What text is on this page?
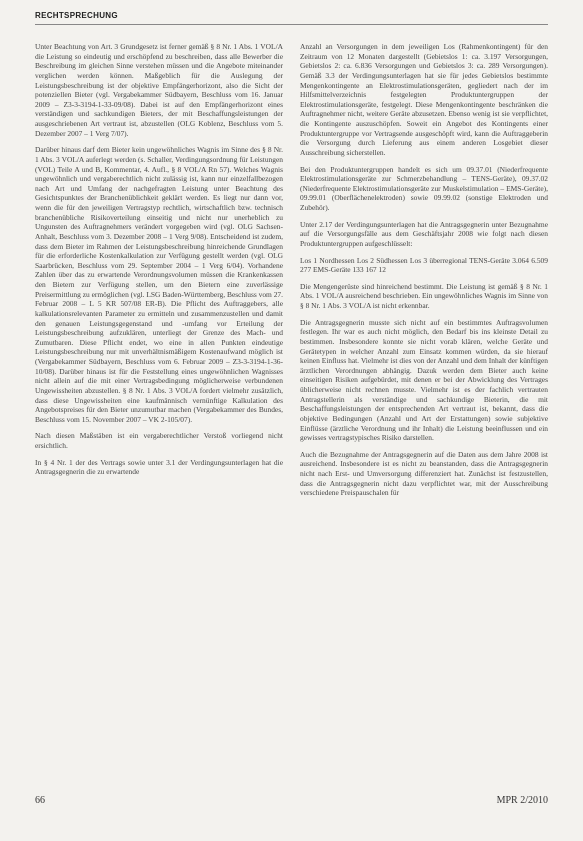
RECHTSPRECHUNG

Unter Beachtung von Art. 3 Grundgesetz ist ferner gemäß § 8 Nr. 1 Abs. 1 VOL/A die Leistung so eindeutig und erschöpfend zu beschreiben, dass alle Bewerber die Beschreibung im gleichen Sinne verstehen müssen und die Angebote miteinander verglichen werden können. Maßgeblich für die Auslegung der Leistungsbeschreibung ist der objektive Empfängerhorizont, also die Sicht der potenziellen Bieter (vgl. Vergabekammer Südbayern, Beschluss vom 16. Januar 2009 – Z3-3-3194-1-33-09/08). Dabei ist auf den Empfängerhorizont eines verständigen und sachkundigen Bieters, der mit Beschaffungsleistungen der ausgeschriebenen Art vertraut ist, abzustellen (OLG Koblenz, Beschluss vom 5. Dezember 2007 – 1 Verg 7/07).

Darüber hinaus darf dem Bieter kein ungewöhnliches Wagnis im Sinne des § 8 Nr. 1 Abs. 3 VOL/A auferlegt werden (s. Schaller, Verdingungsordnung für Leistungen (VOL) Teile A und B, Kommentar, 4. Aufl., § 8 VOL/A Rn 57). Welches Wagnis ungewöhnlich und vergaberechtlich nicht zulässig ist, kann nur einzelfallbezogen nach Art und Umfang der nachgefragten Leistung unter Beachtung des Gesichtspunktes der Branchenüblichkeit geklärt werden. Es liegt nur dann vor, wenn die für den jeweiligen Vertragstyp rechtlich, wirtschaftlich bzw. technisch branchenübliche Risikoverteilung einseitig und nicht nur unerheblich zu Ungunsten des Auftragnehmers verändert vorgegeben wird (vgl. OLG Sachsen-Anhalt, Beschluss vom 3. Dezember 2008 – 1 Verg 9/08). Entscheidend ist zudem, dass dem Bieter im Rahmen der Leistungsbeschreibung hinreichende Grundlagen für die erforderliche Kostenkalkulation zur Verfügung gestellt werden (vgl. OLG Saarbrücken, Beschluss vom 29. September 2004 – 1 Verg 6/04). Vorhandene Zahlen über das zu erwartende Verordnungsvolumen müssen die Krankenkassen den Bietern zur Verfügung stellen, um den Bietern eine zuverlässige Preisermittlung zu ermöglichen (vgl. LSG Baden-Württemberg, Beschluss vom 27. Februar 2008 – L 5 KR 507/08 ER-B). Die Pflicht des Auftraggebers, alle kalkulationsrelevanten Parameter zu ermitteln und zusammenzustellen und damit den genauen Leistungsgegenstand und -umfang vor Erteilung der Leistungsbeschreibung aufzuklären, unterliegt der Grenze des Mach- und Zumutbaren. Diese Pflicht endet, wo eine in allen Punkten eindeutige Leistungsbeschreibung nur mit unverhältnismäßigem Kostenaufwand möglich ist (Vergabekammer Südbayern, Beschluss vom 6. Februar 2009 – Z3-3-3194-1-36-10/08). Darüber hinaus ist für die Feststellung eines ungewöhnlichen Wagnisses nicht allein auf die mit einer Vertragsbedingung möglicherweise verbundenen Ungewissheiten abzustellen. § 8 Nr. 1 Abs. 3 VOL/A fordert vielmehr zusätzlich, dass diese Ungewissheiten eine kaufmännisch vernünftige Kalkulation des Angebotspreises für den Bieter unzumutbar machen (Vergabekammer des Bundes, Beschluss vom 15. November 2007 – VK 2-105/07).

Nach diesen Maßstäben ist ein vergaberechtlicher Verstoß vorliegend nicht ersichtlich.

In § 4 Nr. 1 der des Vertrags sowie unter 3.1 der Verdingungsunterlagen hat die Antragsgegnerin die zu erwartende

Anzahl an Versorgungen in dem jeweiligen Los (Rahmenkontingent) für den Zeitraum von 12 Monaten dargestellt (Gebietslos 1: ca. 3.197 Versorgungen, Gebietslos 2: ca. 6.836 Versorgungen und Gebietslos 3: ca. 289 Versorgungen). Gemäß 3.3 der Verdingungsunterlagen hat sie für jedes Gebietslos bestimmte Mengenkontingente an Elektrostimulationsgeräten, gegliedert nach der im Hilfsmittelverzeichnis festgelegten Produktuntergruppen der Elektrostimulationsgeräte, festgelegt. Diese Mengenkontingente beschränken die Auftragnehmer nicht, weitere Geräte abzusetzen. Ebenso wenig ist sie verpflichtet, die Kontingente auszuschöpfen. Soweit ein Angebot des Kontingents einer Produktuntergruppe vor Vertragsende ausgeschöpft wird, kann die Auftraggeberin die Versorgung durch Lieferung aus einem anderen Losgebiet dieser Ausschreibung sicherstellen.

Bei den Produktuntergruppen handelt es sich um 09.37.01 (Niederfrequente Elektrostimulationsgeräte zur Schmerzbehandlung – TENS-Geräte), 09.37.02 (Niederfrequente Elektrostimulationsgeräte zur Muskelstimulation – EMS-Geräte), 09.99.01 (Oberflächenelektroden) sowie 09.99.02 (sonstige Elektroden und Zubehör).

Unter 2.17 der Verdingungsunterlagen hat die Antragsgegnerin unter Bezugnahme auf die Versorgungsfälle aus dem Geschäftsjahr 2008 wie folgt nach diesen Produktuntergruppen aufgeschlüsselt:

Los 1 Nordhessen Los 2 Südhessen Los 3 überregional TENS-Geräte 3.064 6.509 277 EMS-Geräte 133 167 12

Die Mengengerüste sind hinreichend bestimmt. Die Leistung ist gemäß § 8 Nr. 1 Abs. 1 VOL/A ausreichend beschrieben. Ein ungewöhnliches Wagnis im Sinne von § 8 Nr. 1 Abs. 3 VOL/A ist nicht erkennbar.

Die Antragsgegnerin musste sich nicht auf ein bestimmtes Auftragsvolumen festlegen. Ihr war es auch nicht möglich, den Bedarf bis ins kleinste Detail zu bestimmen. Insbesondere konnte sie nicht vorab klären, welche Geräte und Gerätetypen in welcher Anzahl zum Einsatz kommen würden, da sie hierauf keinen Einfluss hat. Vielmehr ist dies von der Anzahl und dem Inhalt der künftigen ärztlichen Verordnungen abhängig. Dazuk werden dem Bieter auch keine einseitigen Risiken aufgebürdet, mit denen er bei der Abwicklung des Vertrages üblicherweise nicht rechnen musste. Vielmehr ist es der fachlich vertrauten Antragstellerin als verständige und sachkundige Bieterin, die mit Beschaffungsleistungen der entsprechenden Art vertraut ist, bekannt, dass die objektive Bedingungen (Anzahl und Art der Erstattungen) sowie subjektive Einflüsse (ärztliche Verordnung und ihr Inhalt) die Leistung beeinflussen und ein gewisses vertragstypisches Risiko darstellen.

Auch die Bezugnahme der Antragsgegnerin auf die Daten aus dem Jahre 2008 ist ausreichend. Insbesondere ist es nicht zu beanstanden, dass die Antragsgegnerin nicht nach Erst- und Umversorgung differenziert hat. Zunächst ist festzustellen, dass die Antragsgegnerin nicht dazu verpflichtet war, mit der Ausschreibung verschiedene Preispauschalen für

66	MPR 2/2010
